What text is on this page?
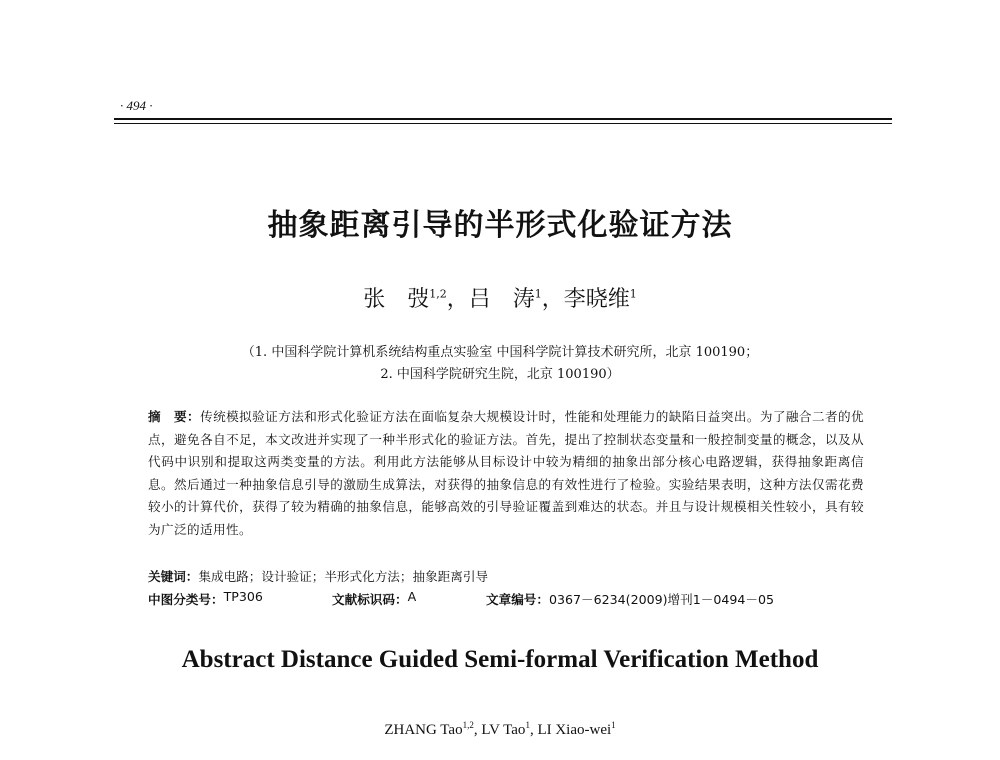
· 494 ·
抽象距离引导的半形式化验证方法
张　弢$^{1,2}$，吕　涛$^1$，李晓维$^1$
（1. 中国科学院计算机系统结构重点实验室 中国科学院计算技术研究所，北京 100190；
2. 中国科学院研究生院，北京 100190）
摘　要：传统模拟验证方法和形式化验证方法在面临复杂大规模设计时，性能和处理能力的缺陷日益突出。为了融合二者的优点，避免各自不足，本文改进并实现了一种半形式化的验证方法。首先，提出了控制状态变量和一般控制变量的概念，以及从代码中识别和提取这两类变量的方法。利用此方法能够从目标设计中较为精细的抽象出部分核心电路逻辑，获得抽象距离信息。然后通过一种抽象信息引导的激励生成算法，对获得的抽象信息的有效性进行了检验。实验结果表明，这种方法仅需花费较小的计算代价，获得了较为精确的抽象信息，能够高效的引导验证覆盖到难达的状态。并且与设计规模相关性较小，具有较为广泛的适用性。
关键词：集成电路；设计验证；半形式化方法；抽象距离引导
中图分类号： TP306	文献标识码： A	文章编号： 0367－6234(2009)增刊1－0494－05
Abstract Distance Guided Semi-formal Verification Method
ZHANG Tao$^{1,2}$, LV Tao$^1$, LI Xiao-wei$^1$
